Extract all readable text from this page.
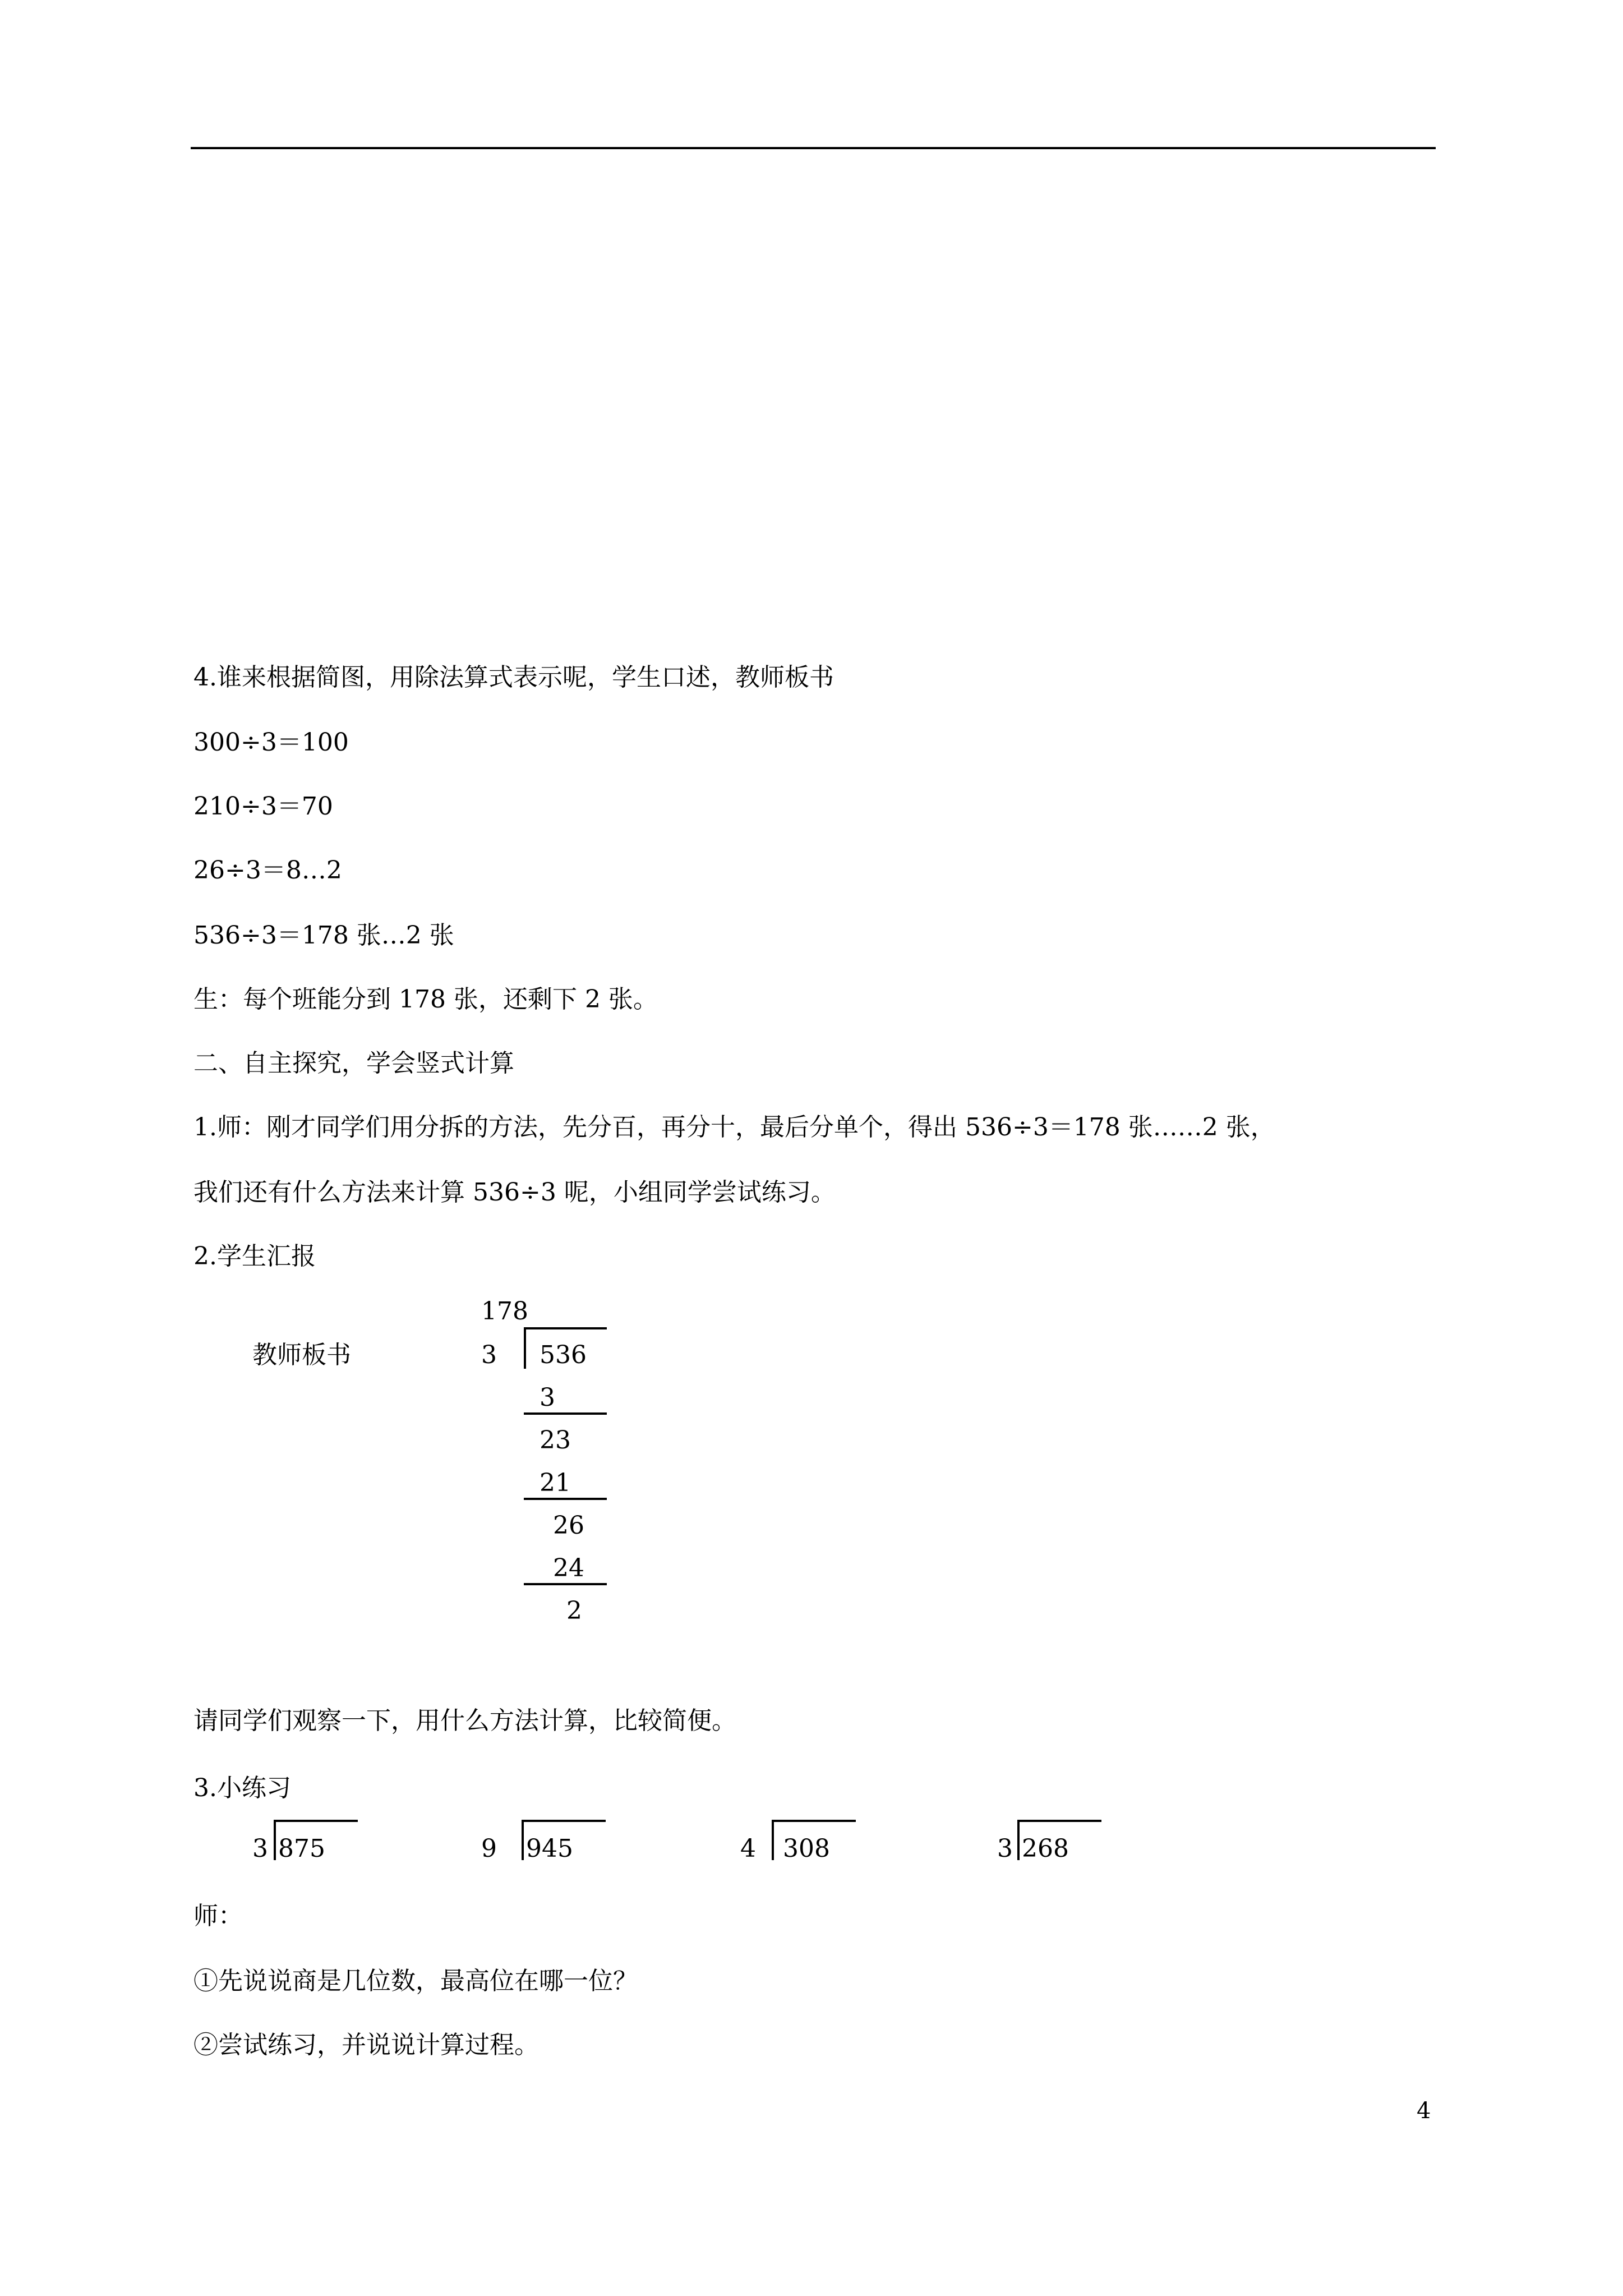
4.谁来根据简图，用除法算式表示呢，学生口述，教师板书
300÷3＝100
210÷3＝70
26÷3＝8…2
536÷3＝178 张…2 张
生：每个班能分到 178 张，还剩下 2 张。
二、自主探究，学会竖式计算
1.师：刚才同学们用分拆的方法，先分百，再分十，最后分单个，得出 536÷3＝178 张……2 张，
我们还有什么方法来计算 536÷3 呢，小组同学尝试练习。
2.学生汇报
教师板书
178
3 536
3
23
21
26
24
2
请同学们观察一下，用什么方法计算，比较简便。
3.小练习
3 875	9 945	4 308	3 268
师：
①先说说商是几位数，最高位在哪一位？
②尝试练习，并说说计算过程。
4
